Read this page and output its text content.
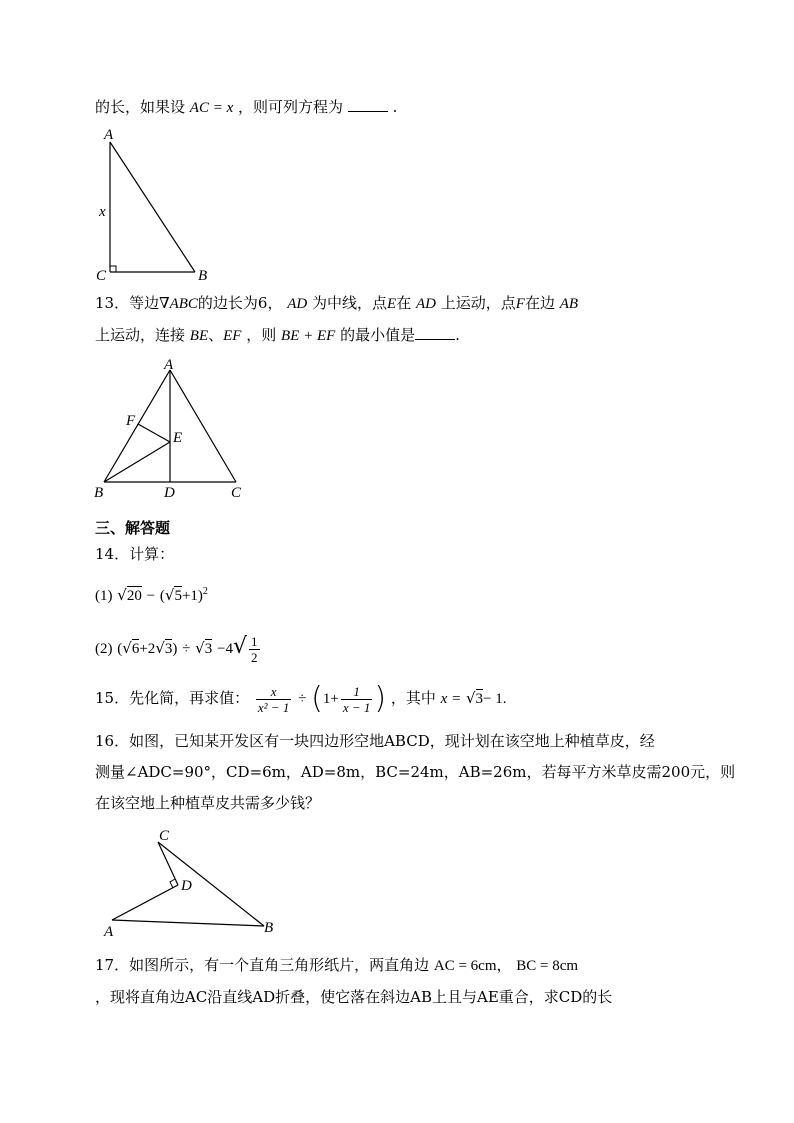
的长，如果设 AC = x ，则可列方程为	.
A
B
C
x
13．等边∇ABC的边长为6， AD 为中线，点E在 AD 上运动，点F在边 AB
上运动，连接 BE、EF ，则 BE + EF 的最小值是	.
A
B	C
D
E
F
三、解答题
14．计算：
(1) $√20 - (√5+1)^2$
(2) $(√6+2√3) \div √3 -4√ \frac{1}{2}$
15．先化简，再求值： $\frac{x}{\text{x² − 1}} \div (1+ \frac{1}{x - 1}$ ) ，其中 x = √3− 1.
16．如图，已知某开发区有一块四边形空地ABCD，现计划在该空地上种植草皮，经
测量∠ADC=90°，CD=6m，AD=8m，BC=24m，AB=26m，若每平方米草皮需200元，则
在该空地上种植草皮共需多少钱？
C
D
A	B
17．如图所示，有一个直角三角形纸片，两直角边 AC = 6cm， BC = 8cm
，现将直角边AC沿直线AD折叠，使它落在斜边AB上且与AE重合，求CD的长
